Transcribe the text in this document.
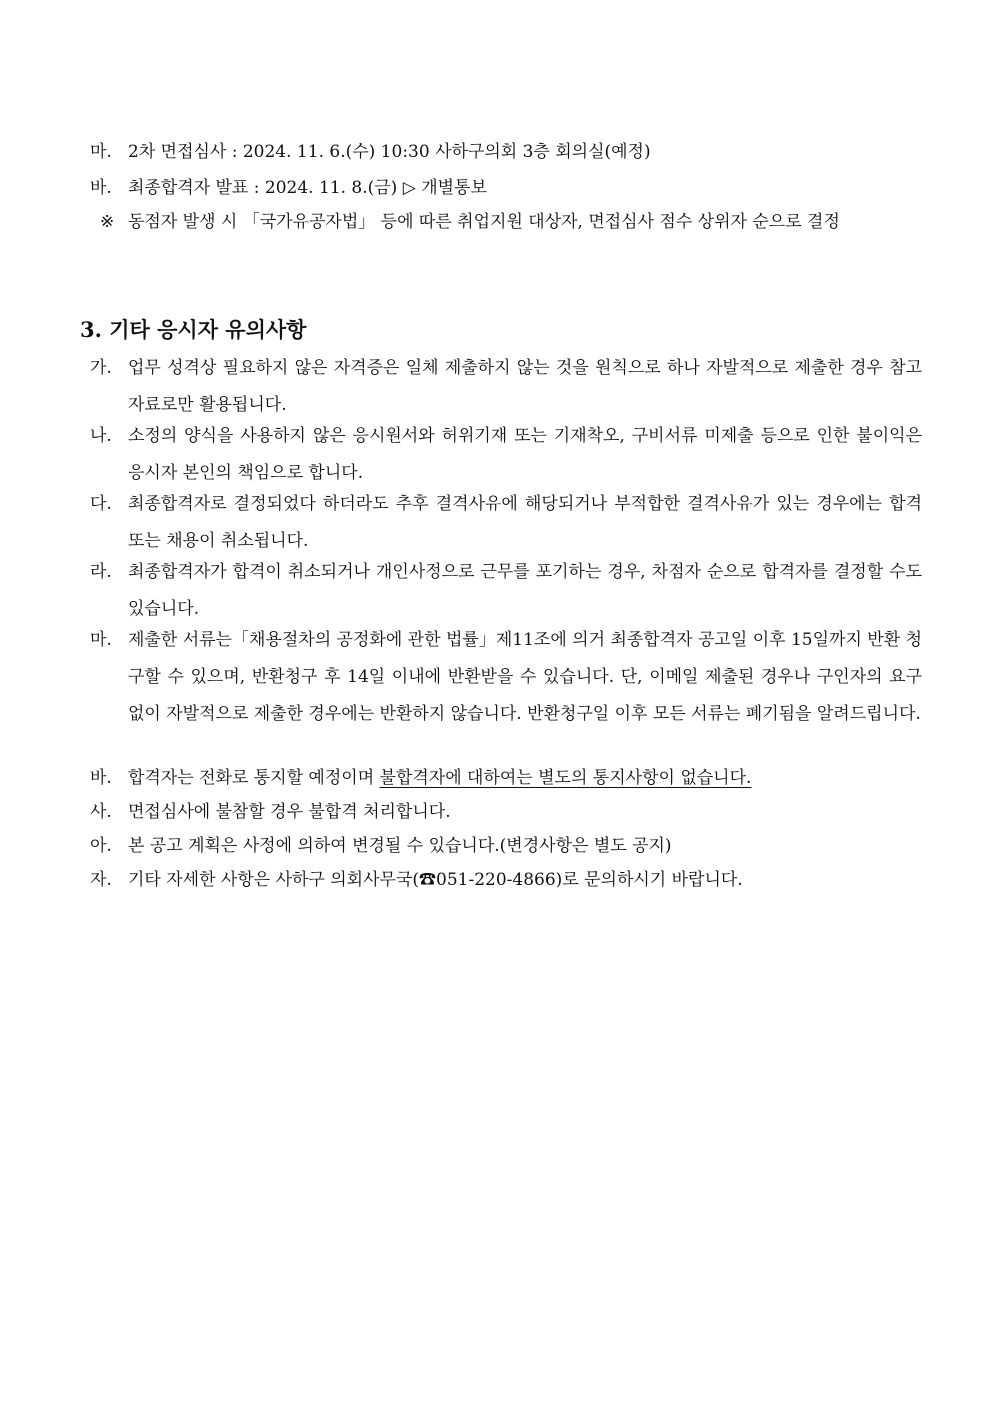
마. 2차 면접심사 : 2024. 11. 6.(수) 10:30 사하구의회 3층 회의실(예정)
바. 최종합격자 발표 : 2024. 11. 8.(금) ▷ 개별통보
※ 동점자 발생 시 「국가유공자법」 등에 따른 취업지원 대상자, 면접심사 점수 상위자 순으로 결정
3. 기타 응시자 유의사항
가. 업무 성격상 필요하지 않은 자격증은 일체 제출하지 않는 것을 원칙으로 하나 자발적으로 제출한 경우 참고자료로만 활용됩니다.
나. 소정의 양식을 사용하지 않은 응시원서와 허위기재 또는 기재착오, 구비서류 미제출 등으로 인한 불이익은 응시자 본인의 책임으로 합니다.
다. 최종합격자로 결정되었다 하더라도 추후 결격사유에 해당되거나 부적합한 결격사유가 있는 경우에는 합격 또는 채용이 취소됩니다.
라. 최종합격자가 합격이 취소되거나 개인사정으로 근무를 포기하는 경우, 차점자 순으로 합격자를 결정할 수도 있습니다.
마. 제출한 서류는「채용절차의 공정화에 관한 법률」제11조에 의거 최종합격자 공고일 이후 15일까지 반환 청구할 수 있으며, 반환청구 후 14일 이내에 반환받을 수 있습니다. 단, 이메일 제출된 경우나 구인자의 요구 없이 자발적으로 제출한 경우에는 반환하지 않습니다. 반환청구일 이후 모든 서류는 폐기됨을 알려드립니다.
바. 합격자는 전화로 통지할 예정이며 불합격자에 대하여는 별도의 통지사항이 없습니다.
사. 면접심사에 불참할 경우 불합격 처리합니다.
아. 본 공고 계획은 사정에 의하여 변경될 수 있습니다.(변경사항은 별도 공지)
자. 기타 자세한 사항은 사하구 의회사무국(☎051-220-4866)로 문의하시기 바랍니다.
